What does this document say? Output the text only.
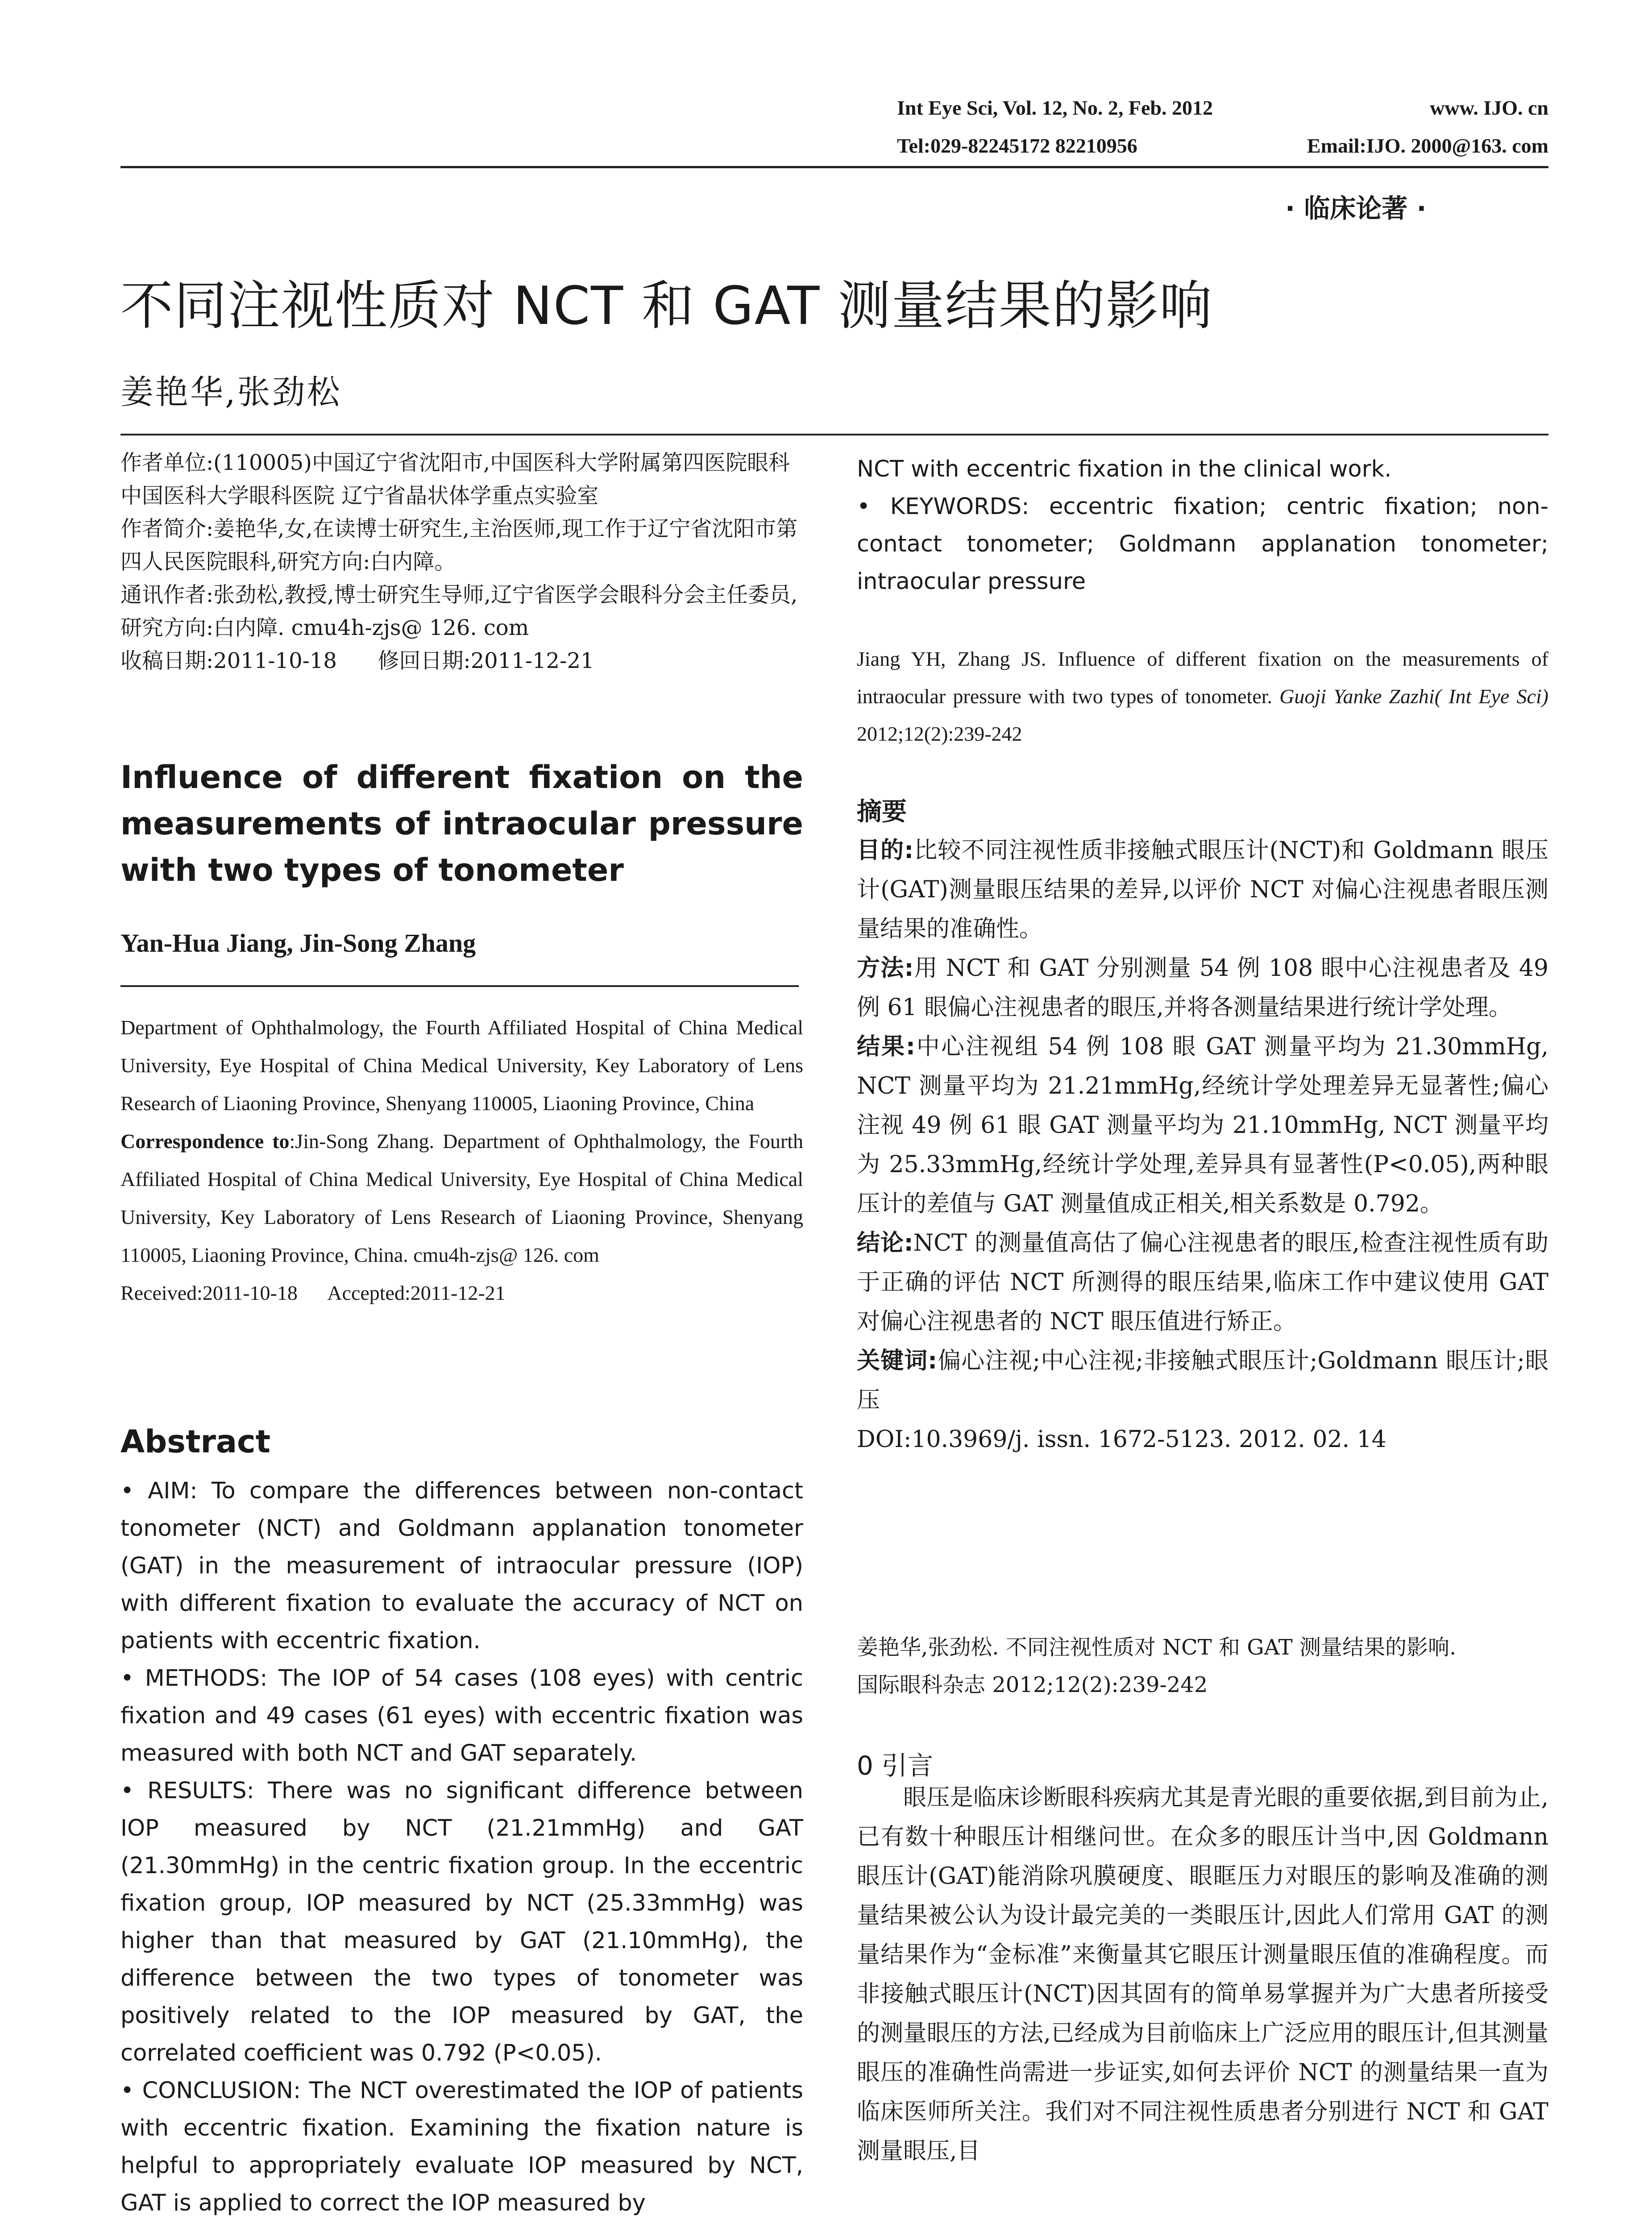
Int Eye Sci, Vol. 12, No. 2, Feb. 2012	www. IJO. cn
Tel:029-82245172 82210956	Email:IJO. 2000@163. com
· 临床论著 ·
不同注视性质对 NCT 和 GAT 测量结果的影响
姜艳华,张劲松

作者单位:(110005)中国辽宁省沈阳市,中国医科大学附属第四医院眼科 中国医科大学眼科医院 辽宁省晶状体学重点实验室

作者简介:姜艳华,女,在读博士研究生,主治医师,现工作于辽宁省沈阳市第四人民医院眼科,研究方向:白内障。

通讯作者:张劲松,教授,博士研究生导师,辽宁省医学会眼科分会主任委员,研究方向:白内障. cmu4h-zjs@ 126. com

收稿日期:2011-10-18      修回日期:2011-12-21

Influence of different fixation on the measurements of intraocular pressure with two types of tonometer
Yan-Hua Jiang, Jin-Song Zhang

Department of Ophthalmology, the Fourth Affiliated Hospital of China Medical University, Eye Hospital of China Medical University, Key Laboratory of Lens Research of Liaoning Province, Shenyang 110005, Liaoning Province, China

Correspondence to:Jin-Song Zhang. Department of Ophthalmology, the Fourth Affiliated Hospital of China Medical University, Eye Hospital of China Medical University, Key Laboratory of Lens Research of Liaoning Province, Shenyang 110005, Liaoning Province, China. cmu4h-zjs@ 126. com

Received:2011-10-18      Accepted:2011-12-21

Abstract

• AIM: To compare the differences between non-contact tonometer (NCT) and Goldmann applanation tonometer (GAT) in the measurement of intraocular pressure (IOP) with different fixation to evaluate the accuracy of NCT on patients with eccentric fixation.

• METHODS: The IOP of 54 cases (108 eyes) with centric fixation and 49 cases (61 eyes) with eccentric fixation was measured with both NCT and GAT separately.

• RESULTS: There was no significant difference between IOP measured by NCT (21.21mmHg) and GAT (21.30mmHg) in the centric fixation group. In the eccentric fixation group, IOP measured by NCT (25.33mmHg) was higher than that measured by GAT (21.10mmHg), the difference between the two types of tonometer was positively related to the IOP measured by GAT, the correlated coefficient was 0.792 (P<0.05).

• CONCLUSION: The NCT overestimated the IOP of patients with eccentric fixation. Examining the fixation nature is helpful to appropriately evaluate IOP measured by NCT, GAT is applied to correct the IOP measured by

NCT with eccentric fixation in the clinical work.

• KEYWORDS: eccentric fixation; centric fixation; non-contact tonometer; Goldmann applanation tonometer; intraocular pressure

Jiang YH, Zhang JS. Influence of different fixation on the measurements of intraocular pressure with two types of tonometer. Guoji Yanke Zazhi( Int Eye Sci) 2012;12(2):239-242
摘要

目的:比较不同注视性质非接触式眼压计(NCT)和 Goldmann 眼压计(GAT)测量眼压结果的差异,以评价 NCT 对偏心注视患者眼压测量结果的准确性。

方法:用 NCT 和 GAT 分别测量 54 例 108 眼中心注视患者及 49 例 61 眼偏心注视患者的眼压,并将各测量结果进行统计学处理。

结果:中心注视组 54 例 108 眼 GAT 测量平均为 21.30mmHg, NCT 测量平均为 21.21mmHg,经统计学处理差异无显著性;偏心注视 49 例 61 眼 GAT 测量平均为 21.10mmHg, NCT 测量平均为 25.33mmHg,经统计学处理,差异具有显著性(P<0.05),两种眼压计的差值与 GAT 测量值成正相关,相关系数是 0.792。

结论:NCT 的测量值高估了偏心注视患者的眼压,检查注视性质有助于正确的评估 NCT 所测得的眼压结果,临床工作中建议使用 GAT 对偏心注视患者的 NCT 眼压值进行矫正。

关键词:偏心注视;中心注视;非接触式眼压计;Goldmann 眼压计;眼压

DOI:10.3969/j. issn. 1672-5123. 2012. 02. 14

姜艳华,张劲松. 不同注视性质对 NCT 和 GAT 测量结果的影响.

国际眼科杂志 2012;12(2):239-242

0 引言
眼压是临床诊断眼科疾病尤其是青光眼的重要依据,到目前为止,已有数十种眼压计相继问世。在众多的眼压计当中,因 Goldmann 眼压计(GAT)能消除巩膜硬度、眼眶压力对眼压的影响及准确的测量结果被公认为设计最完美的一类眼压计,因此人们常用 GAT 的测量结果作为“金标准”来衡量其它眼压计测量眼压值的准确程度。而非接触式眼压计(NCT)因其固有的简单易掌握并为广大患者所接受的测量眼压的方法,已经成为目前临床上广泛应用的眼压计,但其测量眼压的准确性尚需进一步证实,如何去评价 NCT 的测量结果一直为临床医师所关注。我们对不同注视性质患者分别进行 NCT 和 GAT 测量眼压,目
